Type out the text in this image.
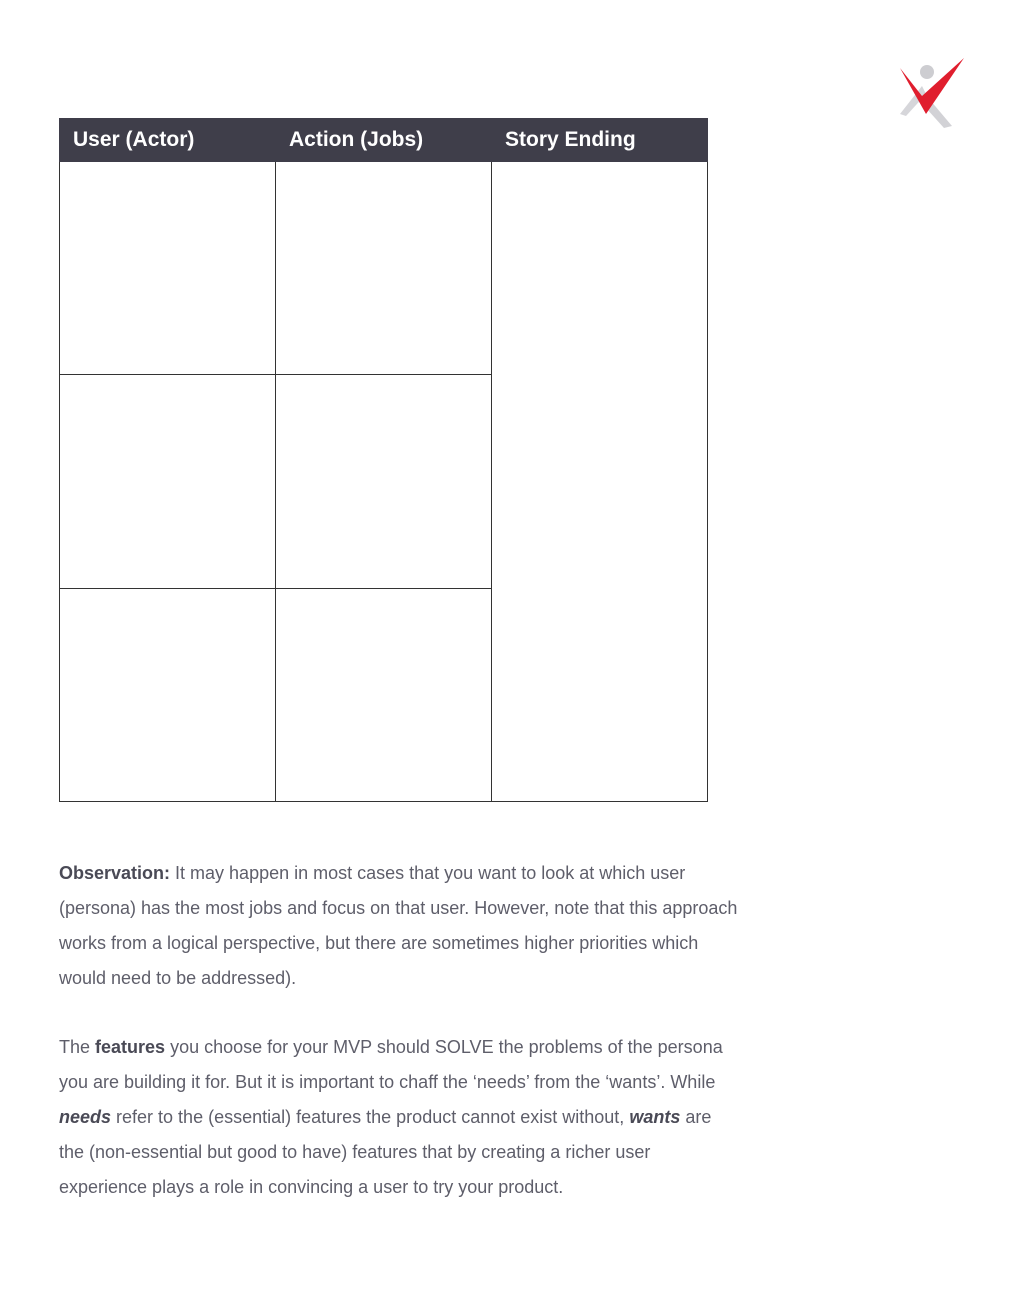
User (Actor)	Action (Jobs)	Story Ending

Observation: It may happen in most cases that you want to look at which user (persona) has the most jobs and focus on that user. However, note that this approach works from a logical perspective, but there are sometimes higher priorities which would need to be addressed).

The features you choose for your MVP should SOLVE the problems of the persona you are building it for. But it is important to chaff the ‘needs’ from the ‘wants’. While needs refer to the (essential) features the product cannot exist without, wants are the (non-essential but good to have) features that by creating a richer user experience plays a role in convincing a user to try your product.
